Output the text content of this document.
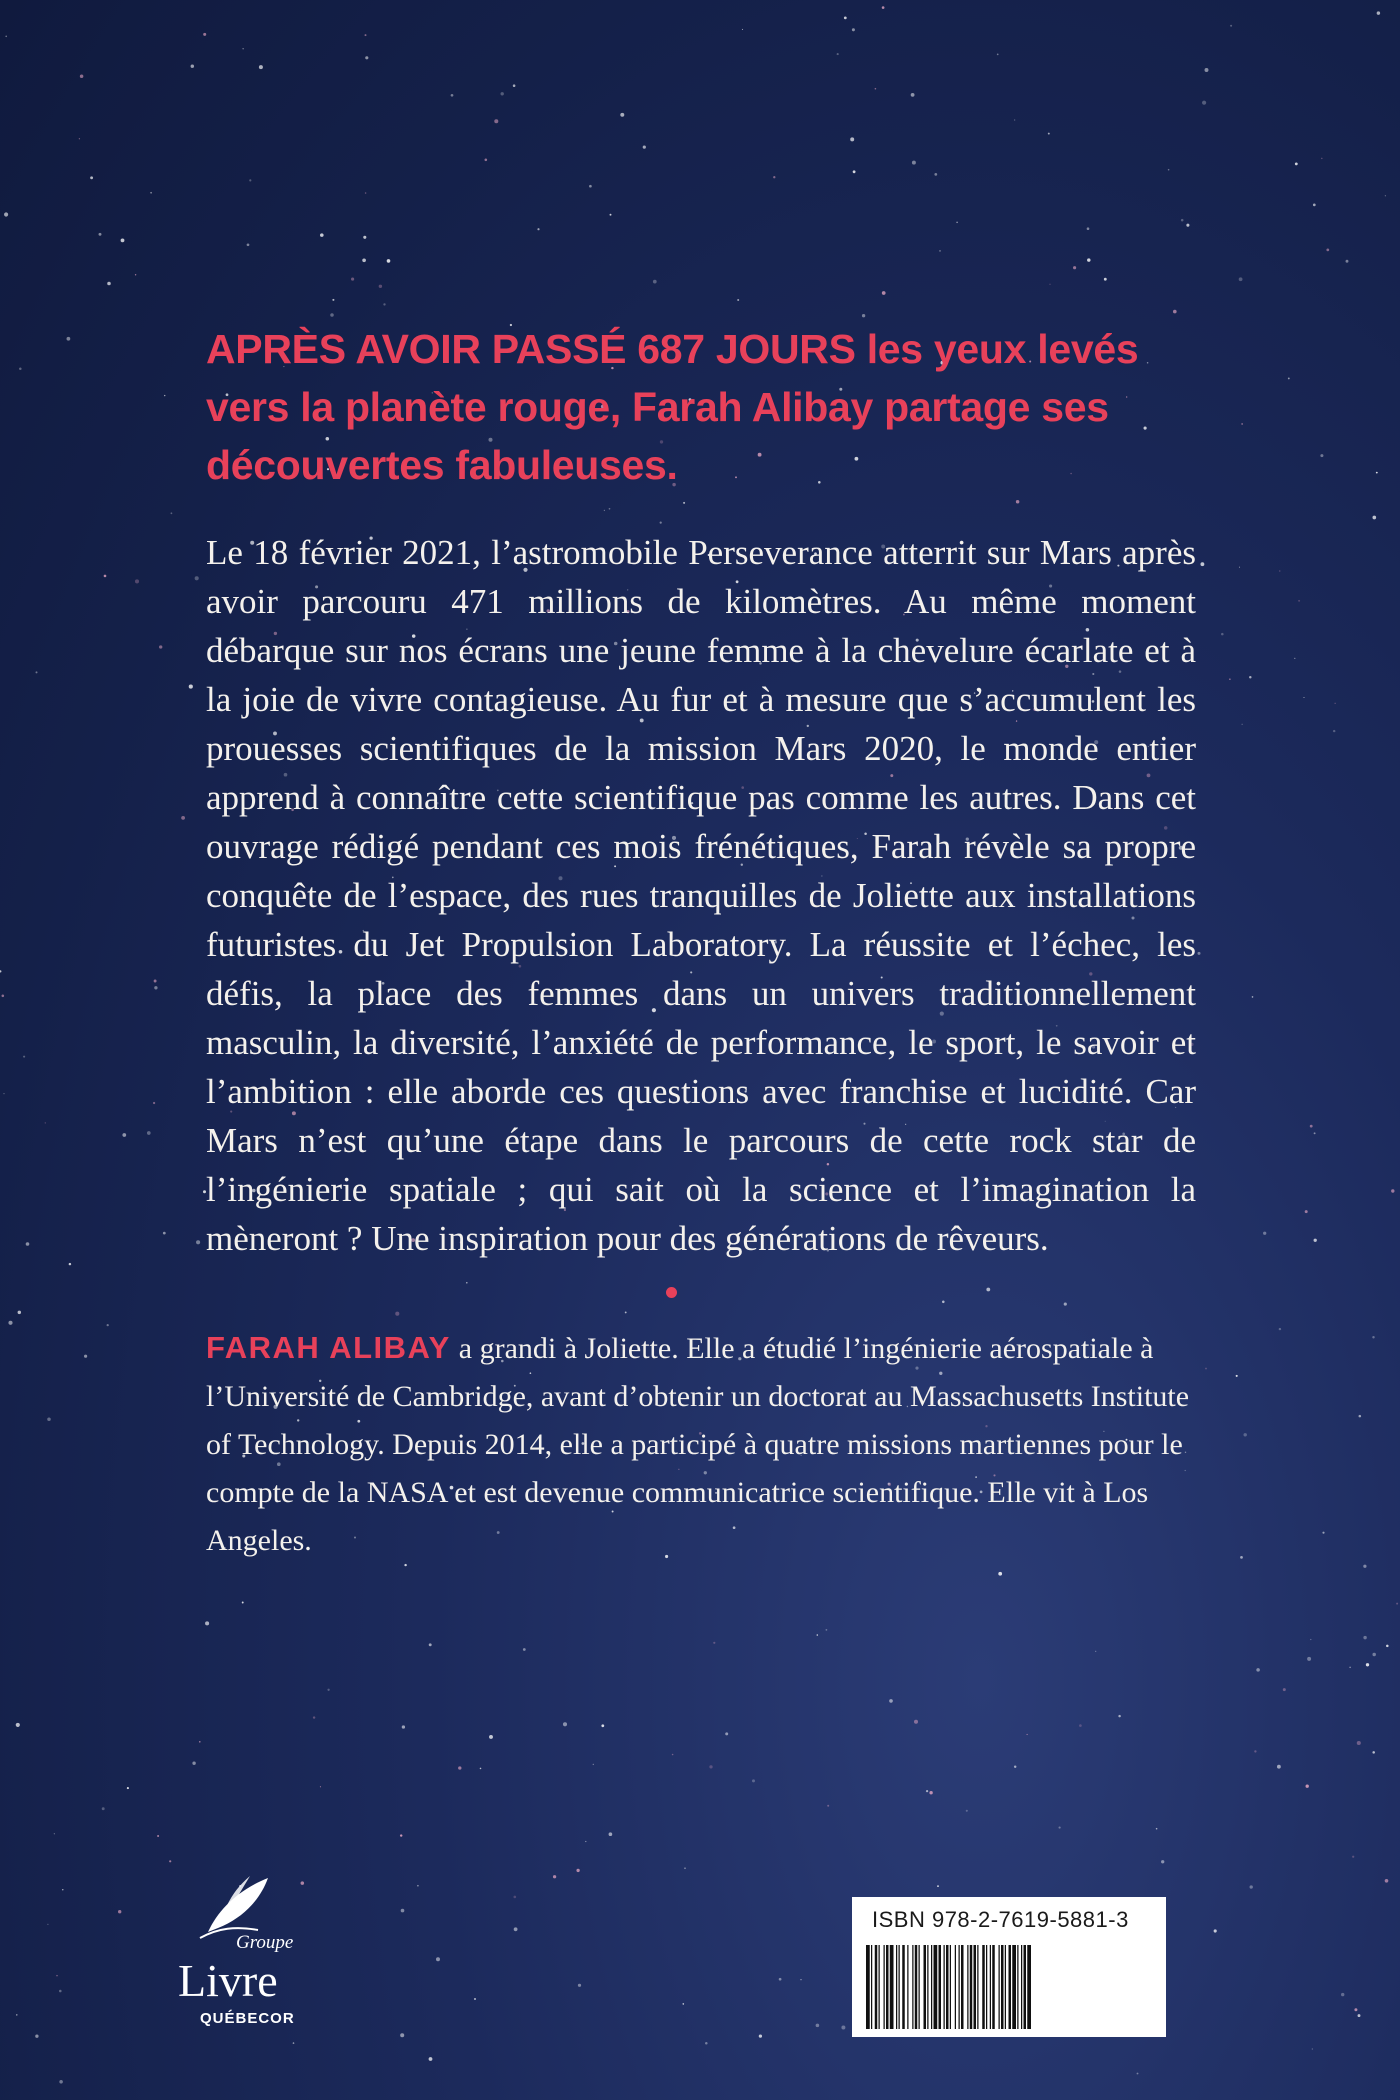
APRÈS AVOIR PASSÉ 687 JOURS les yeux levés vers la planète rouge, Farah Alibay partage ses découvertes fabuleuses.

Le 18 février 2021, l’astromobile Perseverance atterrit sur Mars après avoir parcouru 471 millions de kilomètres. Au même moment débarque sur nos écrans une jeune femme à la chevelure écarlate et à la joie de vivre contagieuse. Au fur et à mesure que s’accumulent les prouesses scientifiques de la mission Mars 2020, le monde entier apprend à connaître cette scientifique pas comme les autres. Dans cet ouvrage rédigé pendant ces mois frénétiques, Farah révèle sa propre conquête de l’espace, des rues tranquilles de Joliette aux installations futuristes du Jet Propulsion Laboratory. La réussite et l’échec, les défis, la place des femmes dans un univers traditionnellement masculin, la diversité, l’anxiété de performance, le sport, le savoir et l’ambition : elle aborde ces questions avec franchise et lucidité. Car Mars n’est qu’une étape dans le parcours de cette rock star de l’ingénierie spatiale ; qui sait où la science et l’imagination la mèneront ? Une inspiration pour des générations de rêveurs.

FARAH ALIBAY a grandi à Joliette. Elle a étudié l’ingénierie aérospatiale à l’Université de Cambridge, avant d’obtenir un doctorat au Massachusetts Institute of Technology. Depuis 2014, elle a participé à quatre missions martiennes pour le compte de la NASA et est devenue communicatrice scientifique. Elle vit à Los Angeles.

Groupe
Livre
QUÉBECOR
ISBN 978-2-7619-5881-3
